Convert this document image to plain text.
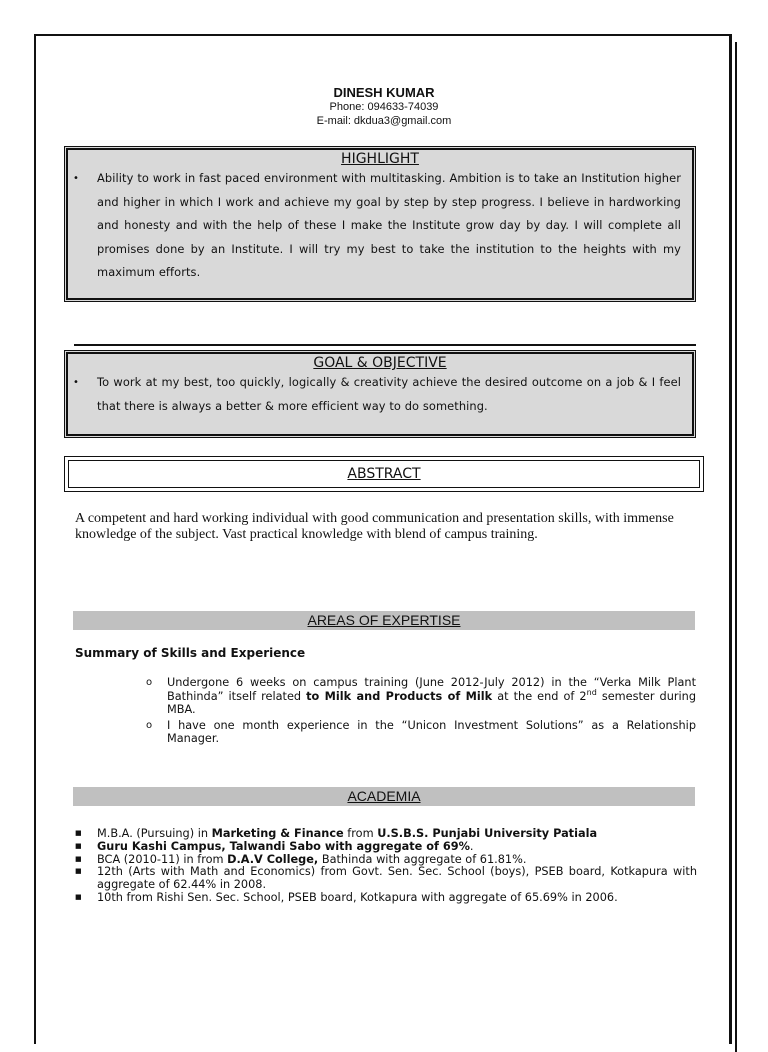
DINESH KUMAR
Phone: 094633-74039
E-mail: dkdua3@gmail.com
HIGHLIGHT
• Ability to work in fast paced environment with multitasking. Ambition is to take an Institution higher and higher in which I work and achieve my goal by step by step progress. I believe in hardworking and honesty and with the help of these I make the Institute grow day by day. I will complete all promises done by an Institute. I will try my best to take the institution to the heights with my maximum efforts.
GOAL & OBJECTIVE
• To work at my best, too quickly, logically & creativity achieve the desired outcome on a job & I feel that there is always a better & more efficient way to do something.
ABSTRACT
A competent and hard working individual with good communication and presentation skills, with immense knowledge of the subject. Vast practical knowledge with blend of campus training.
AREAS OF EXPERTISE
Summary of Skills and Experience
o Undergone 6 weeks on campus training (June 2012-July 2012) in the “Verka Milk Plant Bathinda” itself related to Milk and Products of Milk at the end of 2nd semester during MBA.
o I have one month experience in the “Unicon Investment Solutions” as a Relationship Manager.
ACADEMIA
■ M.B.A. (Pursuing) in Marketing & Finance from U.S.B.S. Punjabi University Patiala
■ Guru Kashi Campus, Talwandi Sabo with aggregate of 69%.
■ BCA (2010-11) in from D.A.V College, Bathinda with aggregate of 61.81%.
■ 12th (Arts with Math and Economics) from Govt. Sen. Sec. School (boys), PSEB board, Kotkapura with aggregate of 62.44% in 2008.
■ 10th from Rishi Sen. Sec. School, PSEB board, Kotkapura with aggregate of 65.69% in 2006.
